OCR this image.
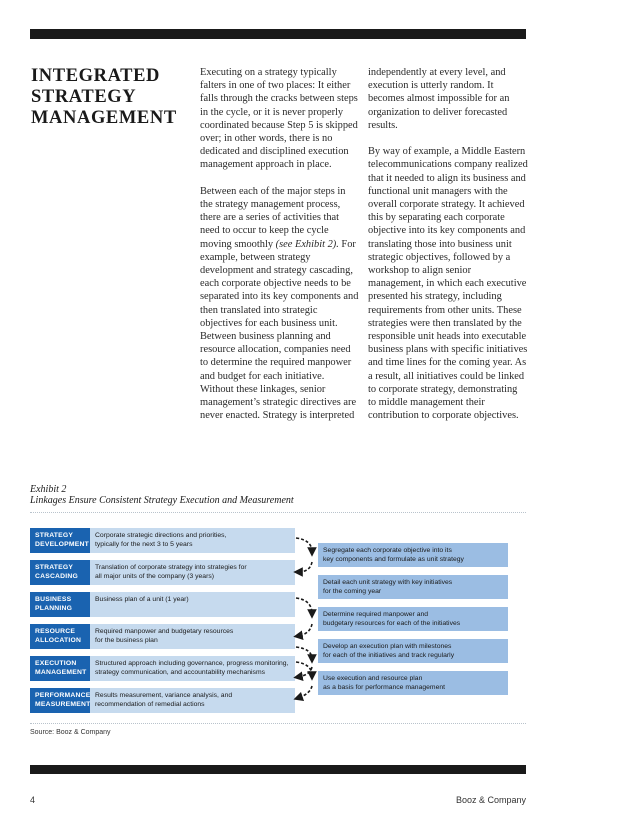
INTEGRATED
STRATEGY
MANAGEMENT

Executing on a strategy typically falters in one of two places: It either falls through the cracks between steps in the cycle, or it is never properly coordinated because Step 5 is skipped over; in other words, there is no dedicated and disciplined execution management approach in place.

Between each of the major steps in the strategy management process, there are a series of activities that need to occur to keep the cycle moving smoothly (see Exhibit 2). For example, between strategy development and strategy cascading, each corporate objective needs to be separated into its key components and then translated into strategic objectives for each business unit. Between business planning and resource allocation, companies need to determine the required manpower and budget for each initiative. Without these linkages, senior management’s strategic directives are never enacted. Strategy is interpreted

independently at every level, and execution is utterly random. It becomes almost impossible for an organization to deliver forecasted results.

By way of example, a Middle Eastern telecommunications company realized that it needed to align its business and functional unit managers with the overall corporate strategy. It achieved this by separating each corporate objective into its key components and translating those into business unit strategic objectives, followed by a workshop to align senior management, in which each executive presented his strategy, including requirements from other units. These strategies were then translated by the responsible unit heads into executable business plans with specific initiatives and time lines for the coming year. As a result, all initiatives could be linked to corporate strategy, demonstrating to middle management their contribution to corporate objectives.

Exhibit 2
Linkages Ensure Consistent Strategy Execution and Measurement
STRATEGY
DEVELOPMENT
Corporate strategic directions and priorities,
typically for the next 3 to 5 years
STRATEGY
CASCADING
Translation of corporate strategy into strategies for
all major units of the company (3 years)
BUSINESS
PLANNING
Business plan of a unit (1 year)
RESOURCE
ALLOCATION
Required manpower and budgetary resources
for the business plan
EXECUTION
MANAGEMENT
Structured approach including governance, progress monitoring,
strategy communication, and accountability mechanisms
PERFORMANCE
MEASUREMENT
Results measurement, variance analysis, and
recommendation of remedial actions
Segregate each corporate objective into its
key components and formulate as unit strategy
Detail each unit strategy with key initiatives
for the coming year
Determine required manpower and
budgetary resources for each of the initiatives
Develop an execution plan with milestones
for each of the initiatives and track regularly
Use execution and resource plan
as a basis for performance management
Source: Booz & Company
4	Booz & Company
